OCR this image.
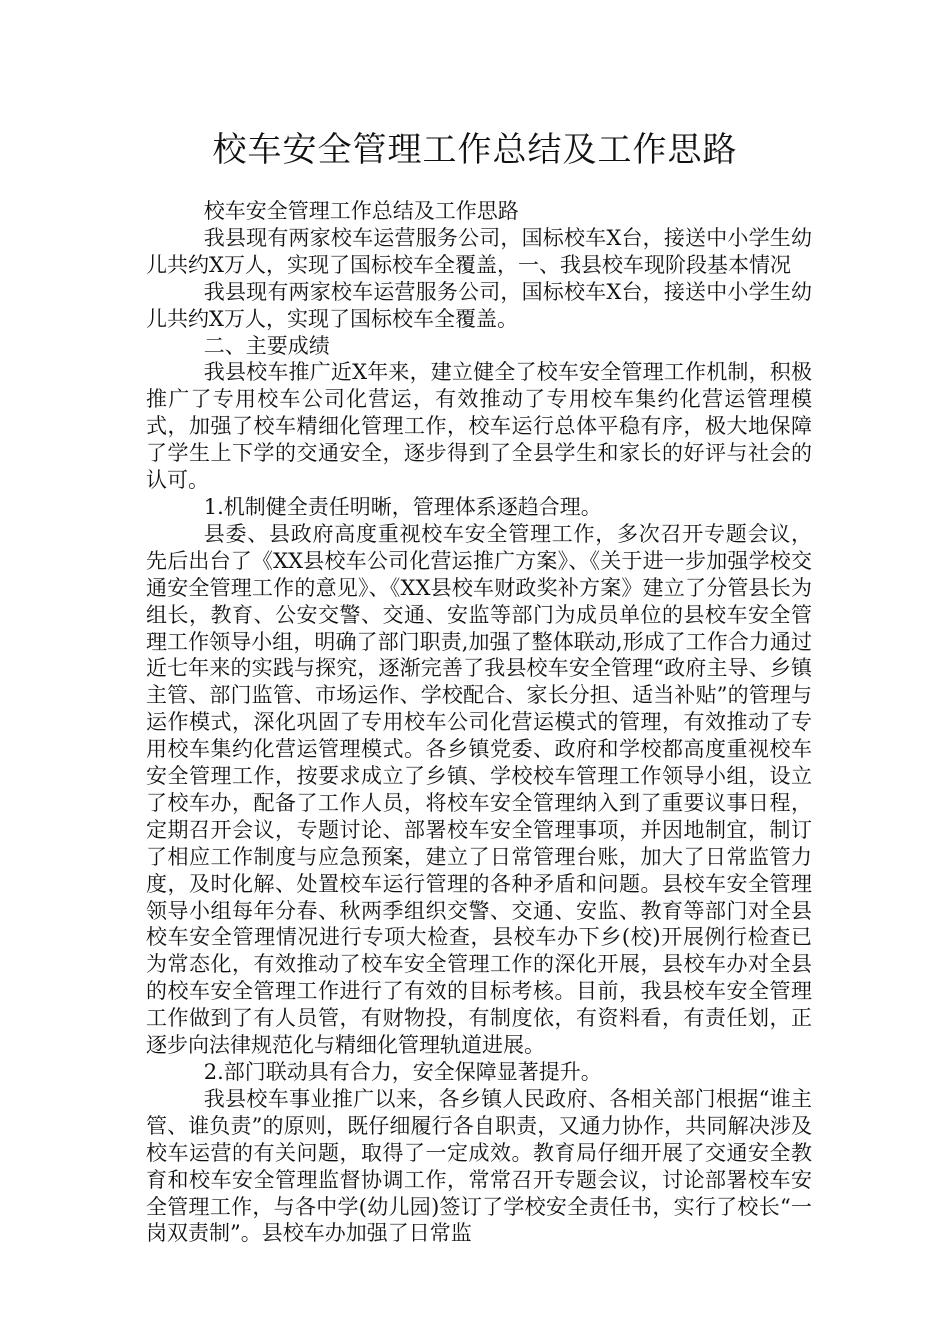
校车安全管理工作总结及工作思路

校车安全管理工作总结及工作思路

我县现有两家校车运营服务公司，国标校车X台，接送中小学生幼儿共约X万人，实现了国标校车全覆盖，一、我县校车现阶段基本情况

我县现有两家校车运营服务公司，国标校车X台，接送中小学生幼儿共约X万人，实现了国标校车全覆盖。

二、主要成绩

我县校车推广近X年来，建立健全了校车安全管理工作机制，积极推广了专用校车公司化营运，有效推动了专用校车集约化营运管理模式，加强了校车精细化管理工作，校车运行总体平稳有序，极大地保障了学生上下学的交通安全，逐步得到了全县学生和家长的好评与社会的认可。

1.机制健全责任明晰，管理体系逐趋合理。

县委、县政府高度重视校车安全管理工作，多次召开专题会议，先后出台了《XX县校车公司化营运推广方案》、《关于进一步加强学校交通安全管理工作的意见》、《XX县校车财政奖补方案》建立了分管县长为组长，教育、公安交警、交通、安监等部门为成员单位的县校车安全管理工作领导小组，明确了部门职责,加强了整体联动,形成了工作合力通过近七年来的实践与探究，逐渐完善了我县校车安全管理“政府主导、乡镇主管、部门监管、市场运作、学校配合、家长分担、适当补贴”的管理与运作模式，深化巩固了专用校车公司化营运模式的管理，有效推动了专用校车集约化营运管理模式。各乡镇党委、政府和学校都高度重视校车安全管理工作，按要求成立了乡镇、学校校车管理工作领导小组，设立了校车办，配备了工作人员，将校车安全管理纳入到了重要议事日程，定期召开会议，专题讨论、部署校车安全管理事项，并因地制宜，制订了相应工作制度与应急预案，建立了日常管理台账，加大了日常监管力度，及时化解、处置校车运行管理的各种矛盾和问题。县校车安全管理领导小组每年分春、秋两季组织交警、交通、安监、教育等部门对全县校车安全管理情况进行专项大检查，县校车办下乡(校)开展例行检查已为常态化，有效推动了校车安全管理工作的深化开展，县校车办对全县的校车安全管理工作进行了有效的目标考核。目前，我县校车安全管理工作做到了有人员管，有财物投，有制度依，有资料看，有责任划，正逐步向法律规范化与精细化管理轨道进展。

2.部门联动具有合力，安全保障显著提升。

我县校车事业推广以来，各乡镇人民政府、各相关部门根据“谁主管、谁负责”的原则，既仔细履行各自职责，又通力协作，共同解决涉及校车运营的有关问题，取得了一定成效。教育局仔细开展了交通安全教育和校车安全管理监督协调工作，常常召开专题会议，讨论部署校车安全管理工作，与各中学(幼儿园)签订了学校安全责任书，实行了校长“一岗双责制”。县校车办加强了日常监
